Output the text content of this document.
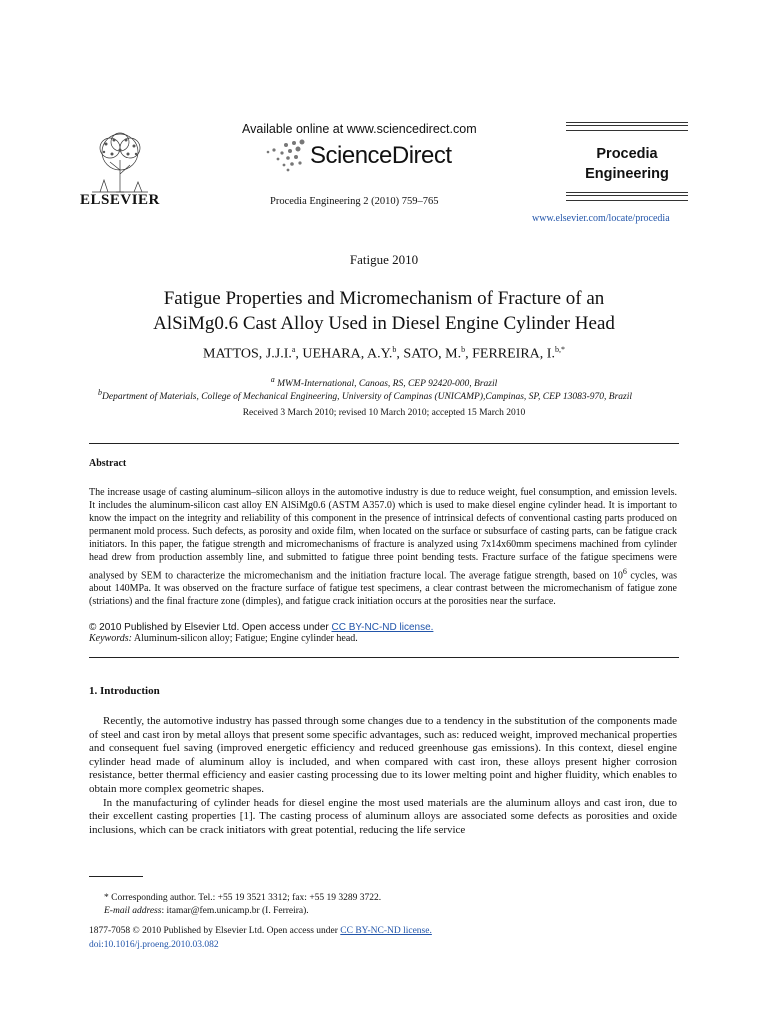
ELSEVIER
Available online at www.sciencedirect.com
ScienceDirect
Procedia Engineering 2 (2010) 759–765
Procedia
Engineering
www.elsevier.com/locate/procedia
Fatigue 2010
Fatigue Properties and Micromechanism of Fracture of an
AlSiMg0.6 Cast Alloy Used in Diesel Engine Cylinder Head
MATTOS, J.J.I.$^a$, UEHARA, A.Y.$^b$, SATO, M.$^b$, FERREIRA, I.$^{b,*}$
$^a$ MWM-International, Canoas, RS, CEP 92420-000, Brazil
$^b$Department of Materials, College of Mechanical Engineering, University of Campinas (UNICAMP),Campinas, SP, CEP 13083-970, Brazil
Received 3 March 2010; revised 10 March 2010; accepted 15 March 2010
Abstract
The increase usage of casting aluminum–silicon alloys in the automotive industry is due to reduce weight, fuel consumption, and emission levels. It includes the aluminum-silicon cast alloy EN AlSiMg0.6 (ASTM A357.0) which is used to make diesel engine cylinder head. It is important to know the impact on the integrity and reliability of this component in the presence of intrinsical defects of conventional casting parts produced on permanent mold process. Such defects, as porosity and oxide film, when located on the surface or subsurface of casting parts, can be fatigue crack initiators. In this paper, the fatigue strength and micromechanisms of fracture is analyzed using 7x14x60mm specimens machined from cylinder head drew from production assembly line, and submitted to fatigue three point bending tests. Fracture surface of the fatigue specimens were analysed by SEM to characterize the micromechanism and the initiation fracture local. The average fatigue strength, based on $10^6$ cycles, was about 140MPa. It was observed on the fracture surface of fatigue test specimens, a clear contrast between the micromechanism of fatigue zone (striations) and the final fracture zone (dimples), and fatigue crack initiation occurs at the porosities near the surface.
© 2010 Published by Elsevier Ltd. Open access under CC BY-NC-ND license.
Keywords: Aluminum-silicon alloy; Fatigue; Engine cylinder head.
1. Introduction

Recently, the automotive industry has passed through some changes due to a tendency in the substitution of the components made of steel and cast iron by metal alloys that present some specific advantages, such as: reduced weight, improved mechanical properties and consequent fuel saving (improved energetic efficiency and reduced greenhouse gas emissions). In this context, diesel engine cylinder head made of aluminum alloy is included, and when compared with cast iron, these alloys present higher corrosion resistance, better thermal efficiency and easier casting processing due to its lower melting point and higher fluidity, which enables to obtain more complex geometric shapes.

In the manufacturing of cylinder heads for diesel engine the most used materials are the aluminum alloys and cast iron, due to their excellent casting properties [1]. The casting process of aluminum alloys are associated some defects as porosities and oxide inclusions, which can be crack initiators with great potential, reducing the life service

* Corresponding author. Tel.: +55 19 3521 3312; fax: +55 19 3289 3722.
E-mail address: itamar@fem.unicamp.br (I. Ferreira).
1877-7058 © 2010 Published by Elsevier Ltd. Open access under CC BY-NC-ND license.
doi:10.1016/j.proeng.2010.03.082
